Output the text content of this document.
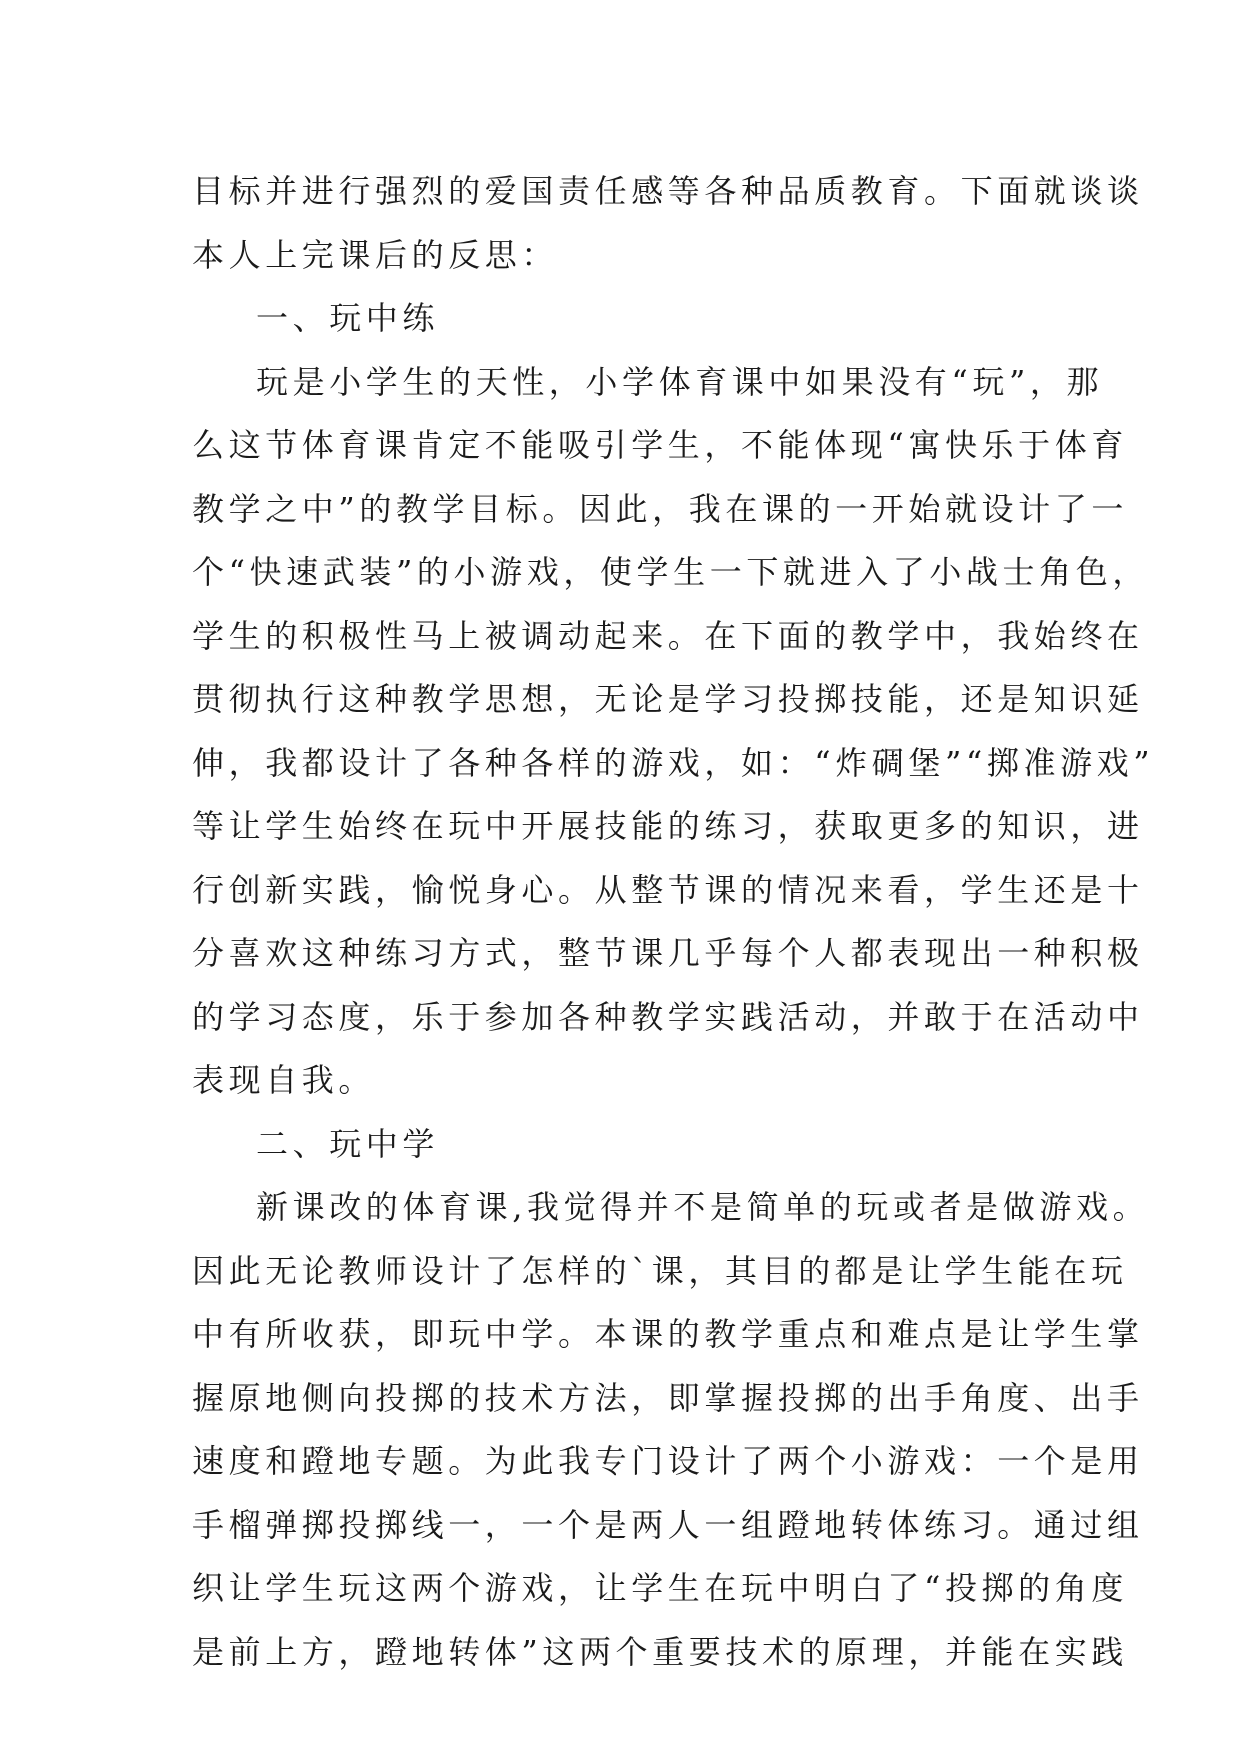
目标并进行强烈的爱国责任感等各种品质教育。下面就谈谈
本人上完课后的反思：
一、玩中练
玩是小学生的天性，小学体育课中如果没有“玩”，那
么这节体育课肯定不能吸引学生，不能体现“寓快乐于体育
教学之中”的教学目标。因此，我在课的一开始就设计了一
个“快速武装”的小游戏，使学生一下就进入了小战士角色，
学生的积极性马上被调动起来。在下面的教学中，我始终在
贯彻执行这种教学思想，无论是学习投掷技能，还是知识延
伸，我都设计了各种各样的游戏，如：“炸碉堡”“掷准游戏”
等让学生始终在玩中开展技能的练习，获取更多的知识，进
行创新实践，愉悦身心。从整节课的情况来看，学生还是十
分喜欢这种练习方式，整节课几乎每个人都表现出一种积极
的学习态度，乐于参加各种教学实践活动，并敢于在活动中
表现自我。
二、玩中学
新课改的体育课,我觉得并不是简单的玩或者是做游戏。
因此无论教师设计了怎样的`课，其目的都是让学生能在玩
中有所收获，即玩中学。本课的教学重点和难点是让学生掌
握原地侧向投掷的技术方法，即掌握投掷的出手角度、出手
速度和蹬地专题。为此我专门设计了两个小游戏：一个是用
手榴弹掷投掷线一，一个是两人一组蹬地转体练习。通过组
织让学生玩这两个游戏，让学生在玩中明白了“投掷的角度
是前上方，蹬地转体”这两个重要技术的原理，并能在实践
